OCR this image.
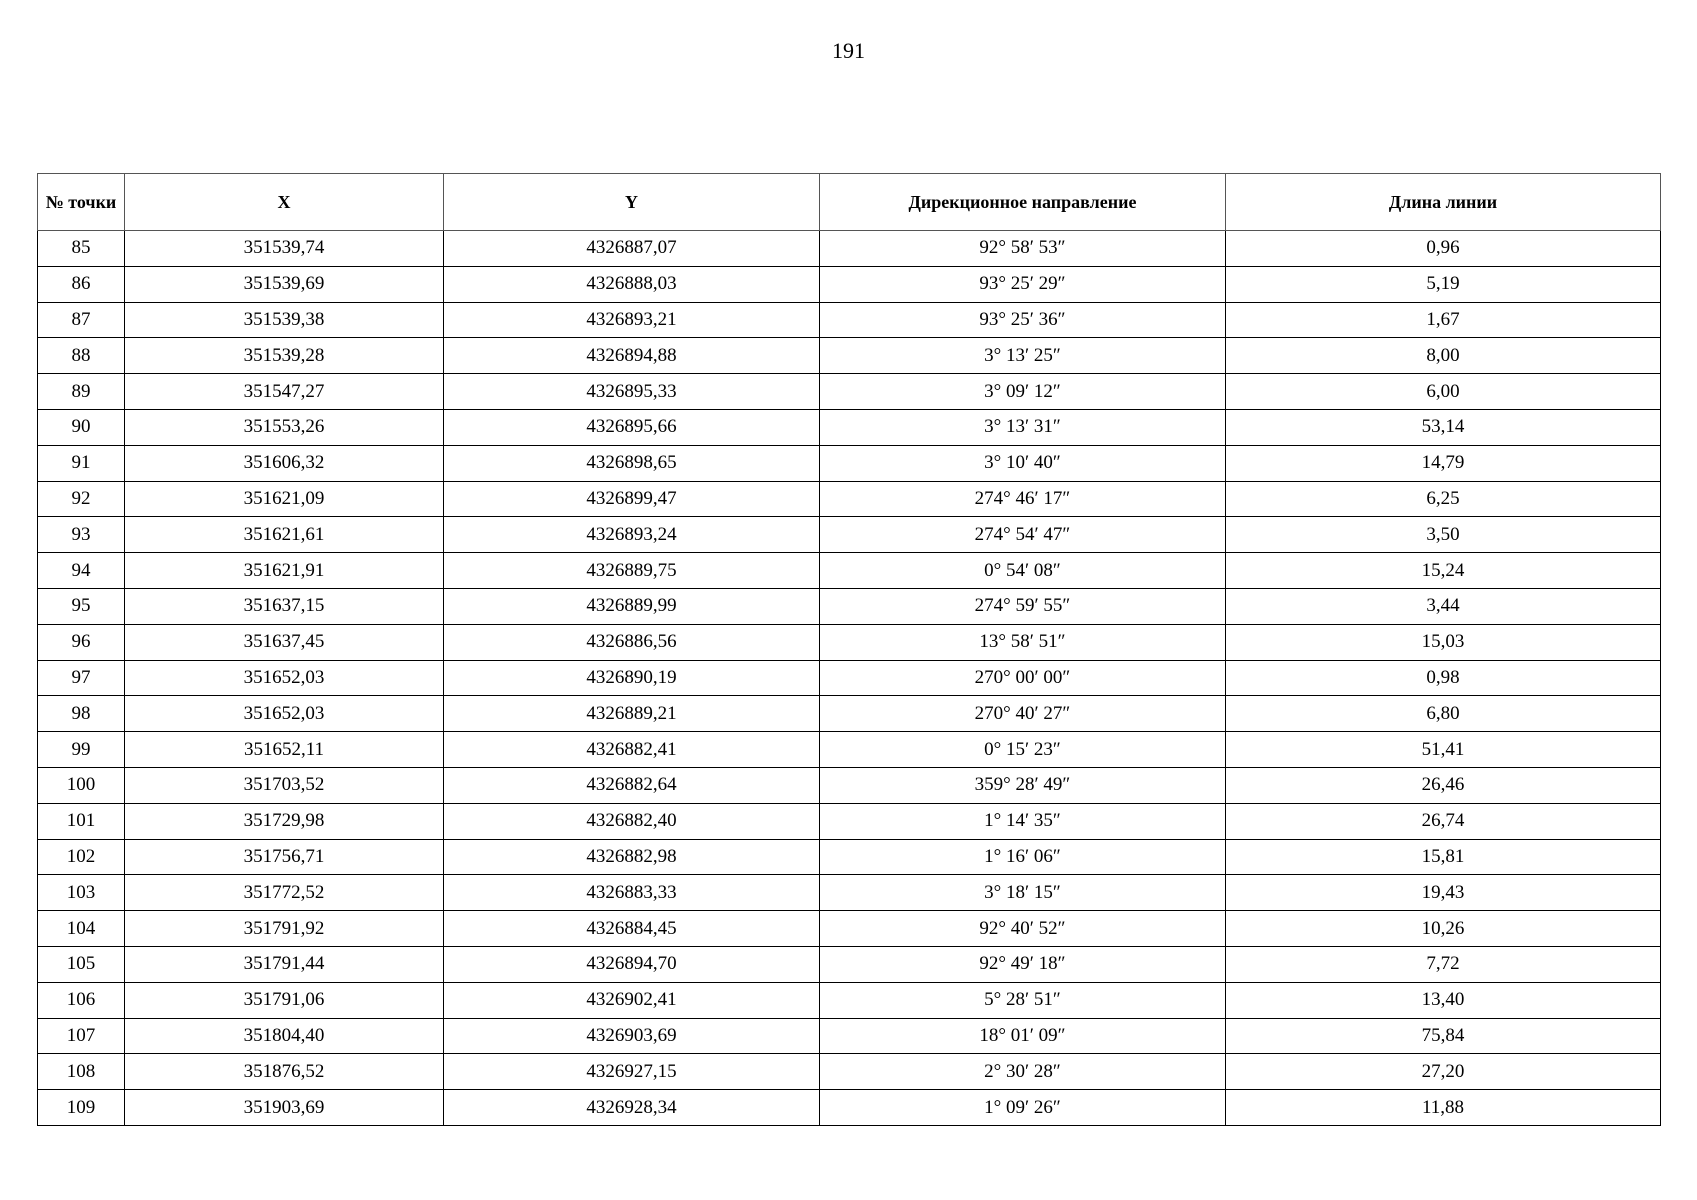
191
№ точки	X	Y	Дирекционное направление	Длина линии
85	351539,74	4326887,07	92° 58′ 53″	0,96
86	351539,69	4326888,03	93° 25′ 29″	5,19
87	351539,38	4326893,21	93° 25′ 36″	1,67
88	351539,28	4326894,88	3° 13′ 25″	8,00
89	351547,27	4326895,33	3° 09′ 12″	6,00
90	351553,26	4326895,66	3° 13′ 31″	53,14
91	351606,32	4326898,65	3° 10′ 40″	14,79
92	351621,09	4326899,47	274° 46′ 17″	6,25
93	351621,61	4326893,24	274° 54′ 47″	3,50
94	351621,91	4326889,75	0° 54′ 08″	15,24
95	351637,15	4326889,99	274° 59′ 55″	3,44
96	351637,45	4326886,56	13° 58′ 51″	15,03
97	351652,03	4326890,19	270° 00′ 00″	0,98
98	351652,03	4326889,21	270° 40′ 27″	6,80
99	351652,11	4326882,41	0° 15′ 23″	51,41
100	351703,52	4326882,64	359° 28′ 49″	26,46
101	351729,98	4326882,40	1° 14′ 35″	26,74
102	351756,71	4326882,98	1° 16′ 06″	15,81
103	351772,52	4326883,33	3° 18′ 15″	19,43
104	351791,92	4326884,45	92° 40′ 52″	10,26
105	351791,44	4326894,70	92° 49′ 18″	7,72
106	351791,06	4326902,41	5° 28′ 51″	13,40
107	351804,40	4326903,69	18° 01′ 09″	75,84
108	351876,52	4326927,15	2° 30′ 28″	27,20
109	351903,69	4326928,34	1° 09′ 26″	11,88
